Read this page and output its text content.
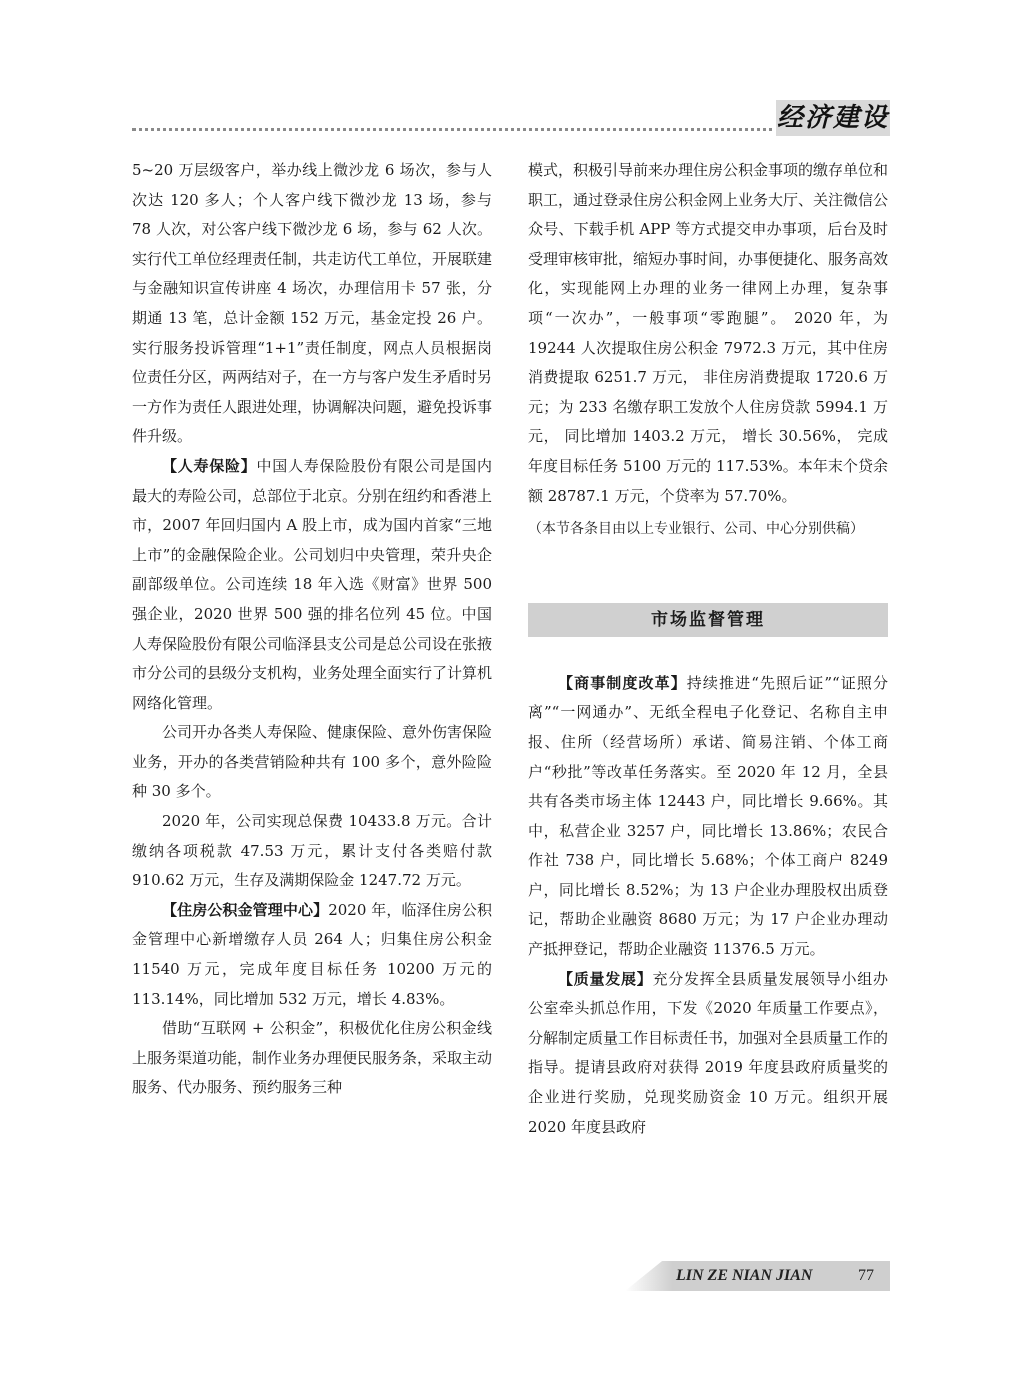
经济建设

5~20 万层级客户，举办线上微沙龙 6 场次，参与人次达 120 多人；个人客户线下微沙龙 13 场，参与 78 人次，对公客户线下微沙龙 6 场，参与 62 人次。实行代工单位经理责任制，共走访代工单位，开展联建与金融知识宣传讲座 4 场次，办理信用卡 57 张，分期通 13 笔，总计金额 152 万元，基金定投 26 户。实行服务投诉管理“1+1”责任制度，网点人员根据岗位责任分区，两两结对子，在一方与客户发生矛盾时另一方作为责任人跟进处理，协调解决问题，避免投诉事件升级。

【人寿保险】中国人寿保险股份有限公司是国内最大的寿险公司，总部位于北京。分别在纽约和香港上市，2007 年回归国内 A 股上市，成为国内首家“三地上市”的金融保险企业。公司划归中央管理，荣升央企副部级单位。公司连续 18 年入选《财富》世界 500 强企业，2020 世界 500 强的排名位列 45 位。中国人寿保险股份有限公司临泽县支公司是总公司设在张掖市分公司的县级分支机构，业务处理全面实行了计算机网络化管理。

公司开办各类人寿保险、健康保险、意外伤害保险业务，开办的各类营销险种共有 100 多个，意外险险种 30 多个。

2020 年，公司实现总保费 10433.8 万元。合计缴纳各项税款 47.53 万元，累计支付各类赔付款 910.62 万元，生存及满期保险金 1247.72 万元。

【住房公积金管理中心】2020 年，临泽住房公积金管理中心新增缴存人员 264 人；归集住房公积金 11540 万元，完成年度目标任务 10200 万元的 113.14%，同比增加 532 万元，增长 4.83%。

借助“互联网 + 公积金”，积极优化住房公积金线上服务渠道功能，制作业务办理便民服务条，采取主动服务、代办服务、预约服务三种

模式，积极引导前来办理住房公积金事项的缴存单位和职工，通过登录住房公积金网上业务大厅、关注微信公众号、下载手机 APP 等方式提交申办事项，后台及时受理审核审批，缩短办事时间，办事便捷化、服务高效化，实现能网上办理的业务一律网上办理，复杂事项“一次办”，一般事项“零跑腿”。 2020 年，为 19244 人次提取住房公积金 7972.3 万元，其中住房消费提取 6251.7 万元， 非住房消费提取 1720.6 万元；为 233 名缴存职工发放个人住房贷款 5994.1 万元， 同比增加 1403.2 万元， 增长 30.56%， 完成年度目标任务 5100 万元的 117.53%。本年末个贷余额 28787.1 万元，个贷率为 57.70%。

（本节各条目由以上专业银行、公司、中心分别供稿）

市场监督管理

【商事制度改革】持续推进“先照后证”“证照分离”“一网通办”、无纸全程电子化登记、名称自主申报、住所（经营场所）承诺、简易注销、个体工商户“秒批”等改革任务落实。至 2020 年 12 月，全县共有各类市场主体 12443 户，同比增长 9.66%。其中，私营企业 3257 户，同比增长 13.86%；农民合作社 738 户，同比增长 5.68%；个体工商户 8249 户，同比增长 8.52%；为 13 户企业办理股权出质登记，帮助企业融资 8680 万元；为 17 户企业办理动产抵押登记，帮助企业融资 11376.5 万元。

【质量发展】充分发挥全县质量发展领导小组办公室牵头抓总作用，下发《2020 年质量工作要点》，分解制定质量工作目标责任书，加强对全县质量工作的指导。提请县政府对获得 2019 年度县政府质量奖的企业进行奖励，兑现奖励资金 10 万元。组织开展 2020 年度县政府

LIN ZE NIAN JIAN	77
